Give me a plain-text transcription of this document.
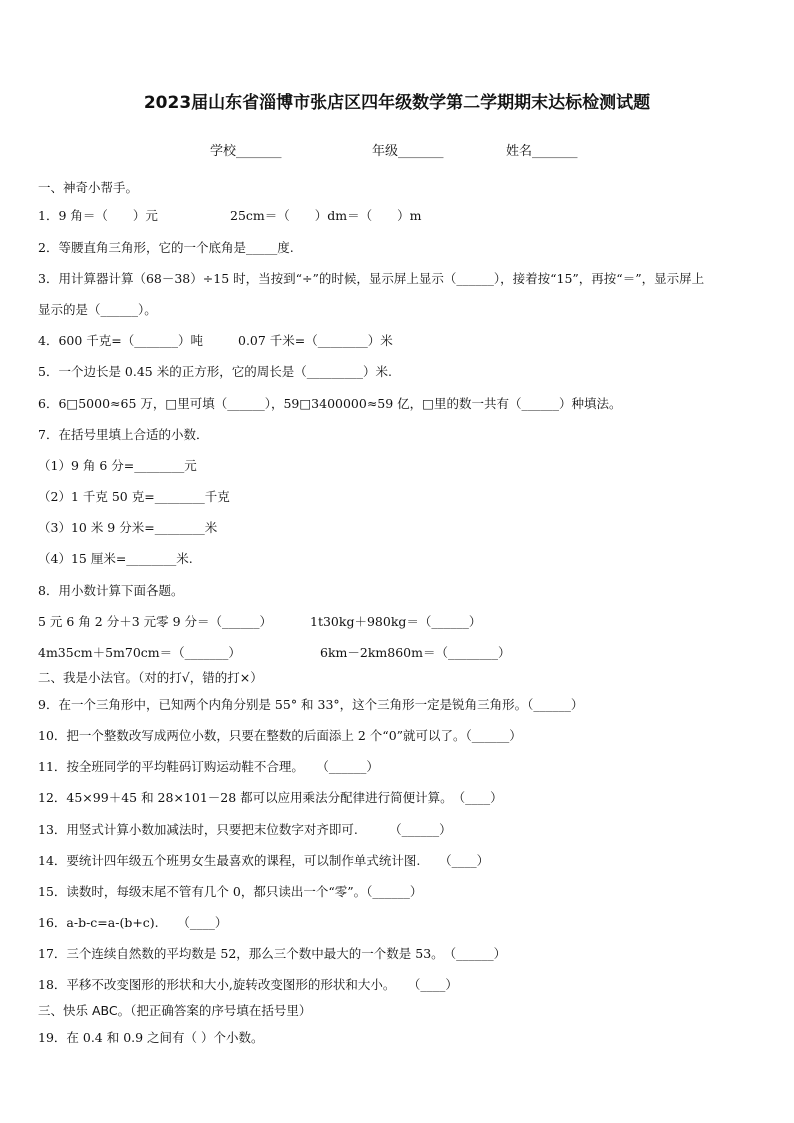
2023届山东省淄博市张店区四年级数学第二学期期末达标检测试题
学校_______	年级_______	姓名_______
一、神奇小帮手。
1．9 角＝（　　）元	25cm＝（　　）dm＝（　　）m
2．等腰直角三角形，它的一个底角是_____度.
3．用计算器计算（68－38）÷15 时，当按到“÷”的时候，显示屏上显示（______），接着按“15”，再按“＝”，显示屏上
显示的是（______）。
4．600 千克=（_______）吨	0.07 千米=（________）米
5．一个边长是 0.45 米的正方形，它的周长是（_________）米.
6．6□5000≈65 万，□里可填（______），59□3400000≈59 亿，□里的数一共有（______）种填法。
7．在括号里填上合适的小数．
（1）9 角 6 分=________元
（2）1 千克 50 克=________千克
（3）10 米 9 分米=________米
（4）15 厘米=________米.
8．用小数计算下面各题。
5 元 6 角 2 分＋3 元零 9 分＝（______）	1t30kg＋980kg＝（______）
4m35cm＋5m70cm＝（_______）	6km－2km860m＝（________）
二、我是小法官。（对的打√，错的打×）
9．在一个三角形中，已知两个内角分别是 55° 和 33°，这个三角形一定是锐角三角形。（______）
10．把一个整数改写成两位小数，只要在整数的后面添上 2 个“0”就可以了。（______）
11．按全班同学的平均鞋码订购运动鞋不合理。　　（______）
12．45×99＋45 和 28×101－28 都可以应用乘法分配律进行简便计算。　（____）
13．用竖式计算小数加减法时，只要把末位数字对齐即可.　　　（______）
14．要统计四年级五个班男女生最喜欢的课程，可以制作单式统计图.　　（____）
15．读数时，每级末尾不管有几个 0，都只读出一个“零”。（______）
16．a-b-c=a-(b+c).　　（____）
17．三个连续自然数的平均数是 52，那么三个数中最大的一个数是 53。　（______）
18．平移不改变图形的形状和大小,旋转改变图形的形状和大小。　　（____）
三、快乐 ABC。（把正确答案的序号填在括号里）
19．在 0.4 和 0.9 之间有（ ）个小数。
